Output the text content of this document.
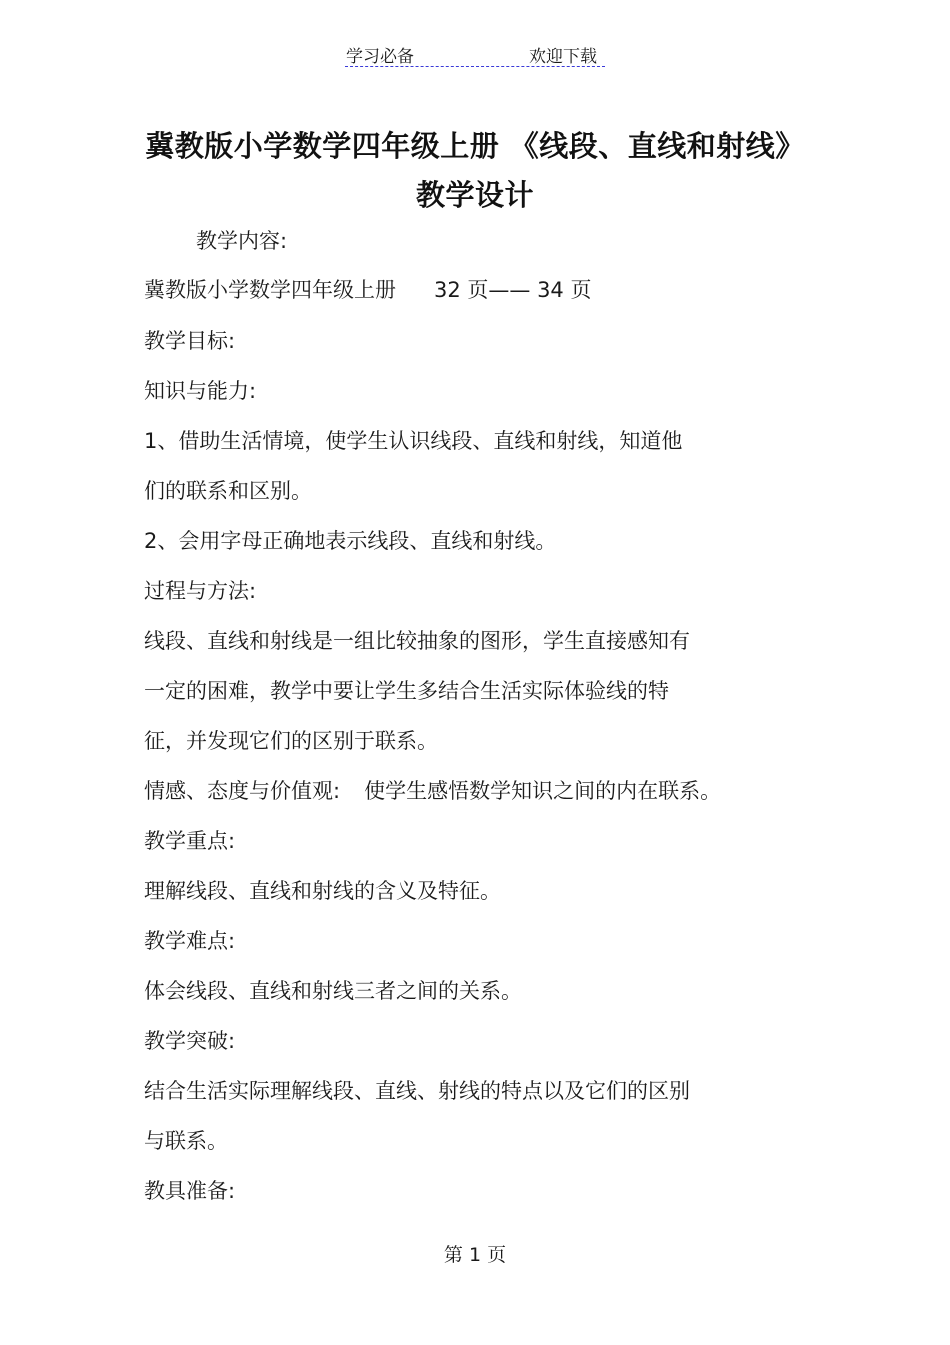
学习必备	欢迎下载
冀教版小学数学四年级上册 《线段、直线和射线》
教学设计
教学内容:
冀教版小学数学四年级上册 32 页—— 34 页
教学目标:
知识与能力:
1、借助生活情境，使学生认识线段、直线和射线，知道他
们的联系和区别。
2、会用字母正确地表示线段、直线和射线。
过程与方法:
线段、直线和射线是一组比较抽象的图形，学生直接感知有
一定的困难，教学中要让学生多结合生活实际体验线的特
征，并发现它们的区别于联系。
情感、态度与价值观: 使学生感悟数学知识之间的内在联系。
教学重点:
理解线段、直线和射线的含义及特征。
教学难点:
体会线段、直线和射线三者之间的关系。
教学突破:
结合生活实际理解线段、直线、射线的特点以及它们的区别
与联系。
教具准备:
第 1 页
